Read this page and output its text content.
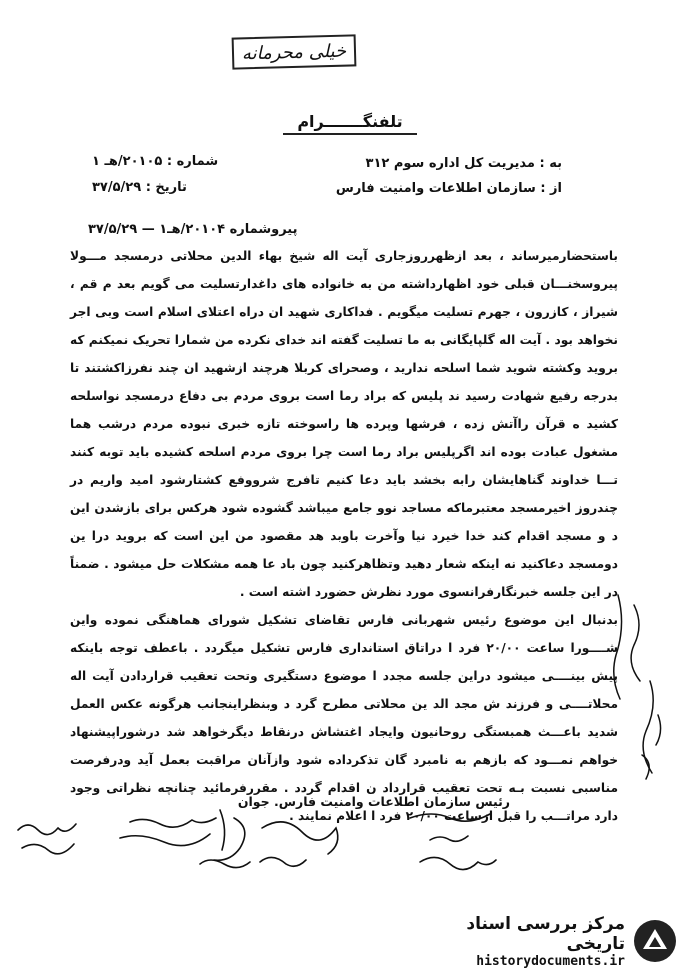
خیلی محرمانه
تلفنگـــــــرام
به : مدیریت کل اداره سوم ۳۱۲
از : سازمان اطلاعات وامنیت فارس
شماره : ۲۰۱۰۵/هـ ۱
تاریخ : ۳۷/۵/۲۹
پیروشماره ۲۰۱۰۴/هـ۱ — ۳۷/۵/۲۹

باستحضارمیرساند ، بعد ازظهرروزجاری آیت اله شیخ بهاء الدین محلاتی درمسجد مـــولا پیروسخنـــان قبلی خود اظهارداشته من به خانواده های داغدارتسلیت می گویم بعد م قم ، شیراز ، کازرون ، جهرم تسلیت میگویم . فداکاری شهید ان دراه اعتلای اسلام است وبی اجر نخواهد بود . آیت اله گلپایگانی به ما تسلیت گفته اند خدای نکرده من شمارا تحریک نمیکنم که بروید وکشته شوید شما اسلحه ندارید ، وصحرای کربلا هرچند ازشهید ان چند نفرزاکشتند تا بدرجه رفیع شهادت رسید ند پلیس که براد رما است بروی مردم بی دفاع درمسجد نواسلحه کشید ه قرآن راآتش زده ، فرشها وپرده ها راسوخته تازه خبری نبوده مردم درشب هما مشغول عبادت بوده اند اگرپلیس براد رما است چرا بروی مردم اسلحه کشیده باید توبه کنند تـــا خداوند گناهایشان رابه بخشد باید دعا کنیم تافرج شرووفع کشتارشود امید واریم در چندروز اخیرمسجد معتبرماکه مساجد نوو جامع میباشد گشوده شود هرکس برای بازشدن این د و مسجد اقدام کند خدا خیرد نیا وآخرت باوبد هد مقصود من این است که بروید درا ین دومسجد دعاکنید نه اینکه شعار دهید وتظاهرکنید چون باد عا همه مشکلات حل میشود . ضمناً در این جلسه خبرنگارفرانسوی مورد نظرش حضورد اشته است .

بدنبال این موضوع رئیس شهربانی فارس تقاضای تشکیل شورای هماهنگی نموده واین شــــورا ساعت ۲۰/۰۰ فرد ا دراتاق استانداری فارس تشکیل میگردد . باعطف توجه باینکه پیش بینــــی میشود دراین جلسه مجدد ا موضوع دستگیری وتحت تعقیب قراردادن آیت اله محلاتــــی و فرزند ش مجد الد ین محلاتی مطرح گرد د وبنظراینجانب هرگونه عکس العمل شدید باعـــث همبستگی روحانیون وایجاد اغتشاش درنقاط دیگرخواهد شد درشوراپیشنهاد خواهم نمـــود که بازهم به نامبرد گان تذکرداده شود وازآنان مراقبت بعمل آید ودرفرصت مناسبی نسبت بـه تحت تعقیب قرارداد ن اقدام گردد . مقررفرمائید چنانچه نظراتی وجود دارد مراتـــب را قبل ازساعت ۲۰/۰۰ فرد ا اعلام نمایند .

رئیس سازمان اطلاعات وامنیت فارس. جوان
مرکز بررسی اسناد تاریخی
historydocuments.ir
